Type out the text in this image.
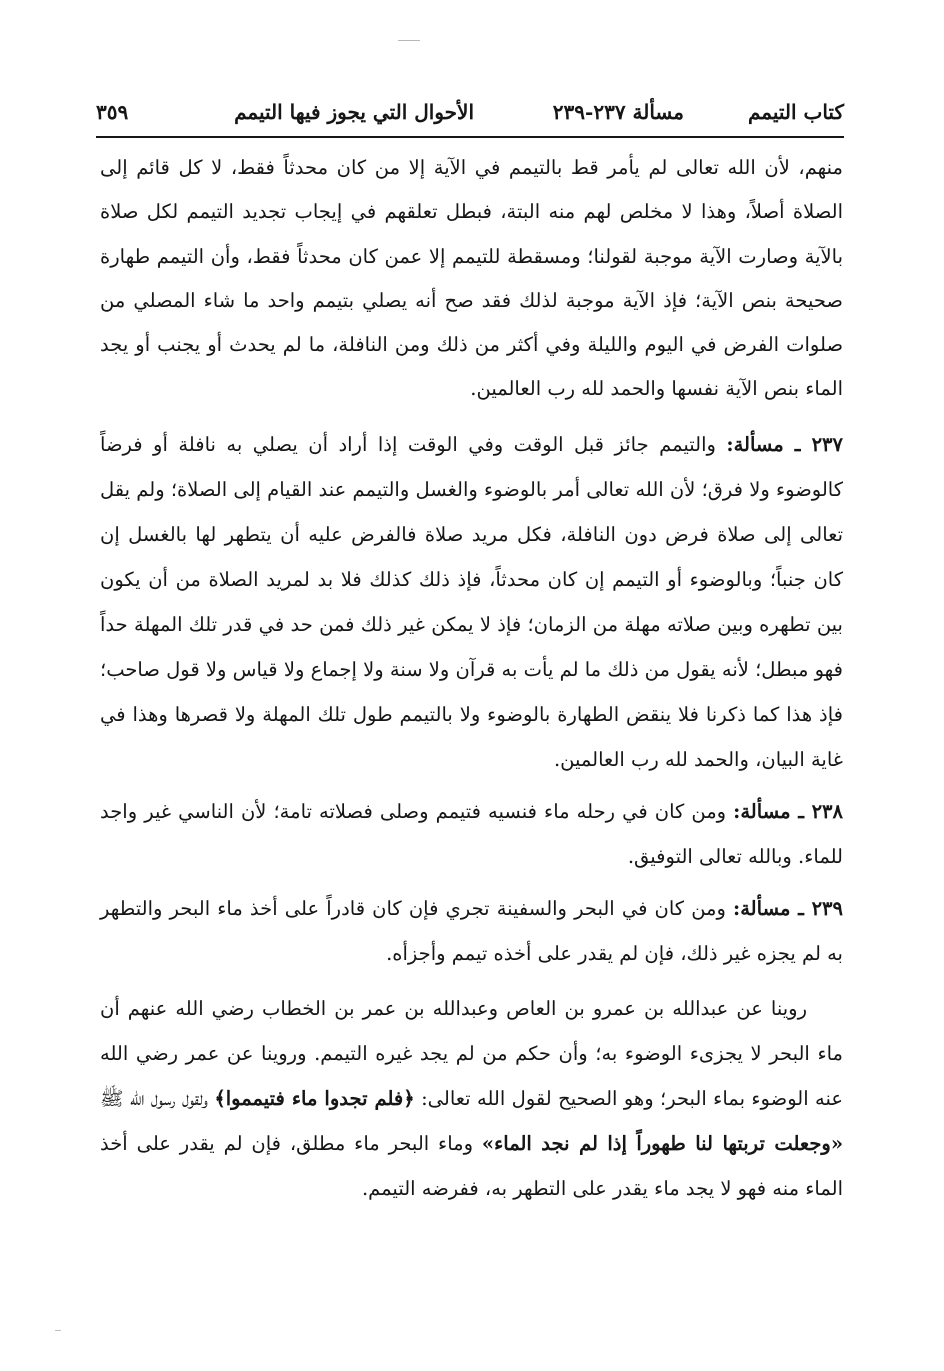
كتاب التيمم
مسألة ٢٣٧-٢٣٩
الأحوال التي يجوز فيها التيمم
٣٥٩

منهم، لأن الله تعالى لم يأمر قط بالتيمم في الآية إلا من كان محدثاً فقط، لا كل قائم إلى الصلاة أصلاً، وهذا لا مخلص لهم منه البتة، فبطل تعلقهم في إيجاب تجديد التيمم لكل صلاة بالآية وصارت الآية موجبة لقولنا؛ ومسقطة للتيمم إلا عمن كان محدثاً فقط، وأن التيمم طهارة صحيحة بنص الآية؛ فإذ الآية موجبة لذلك فقد صح أنه يصلي بتيمم واحد ما شاء المصلي من صلوات الفرض في اليوم والليلة وفي أكثر من ذلك ومن النافلة، ما لم يحدث أو يجنب أو يجد الماء بنص الآية نفسها والحمد لله رب العالمين.

٢٣٧ ـ مسألة: والتيمم جائز قبل الوقت وفي الوقت إذا أراد أن يصلي به نافلة أو فرضاً كالوضوء ولا فرق؛ لأن الله تعالى أمر بالوضوء والغسل والتيمم عند القيام إلى الصلاة؛ ولم يقل تعالى إلى صلاة فرض دون النافلة، فكل مريد صلاة فالفرض عليه أن يتطهر لها بالغسل إن كان جنباً؛ وبالوضوء أو التيمم إن كان محدثاً، فإذ ذلك كذلك فلا بد لمريد الصلاة من أن يكون بين تطهره وبين صلاته مهلة من الزمان؛ فإذ لا يمكن غير ذلك فمن حد في قدر تلك المهلة حداً فهو مبطل؛ لأنه يقول من ذلك ما لم يأت به قرآن ولا سنة ولا إجماع ولا قياس ولا قول صاحب؛ فإذ هذا كما ذكرنا فلا ينقض الطهارة بالوضوء ولا بالتيمم طول تلك المهلة ولا قصرها وهذا في غاية البيان، والحمد لله رب العالمين.

٢٣٨ ـ مسألة: ومن كان في رحله ماء فنسيه فتيمم وصلى فصلاته تامة؛ لأن الناسي غير واجد للماء. وبالله تعالى التوفيق.

٢٣٩ ـ مسألة: ومن كان في البحر والسفينة تجري فإن كان قادراً على أخذ ماء البحر والتطهر به لم يجزه غير ذلك، فإن لم يقدر على أخذه تيمم وأجزأه.

روينا عن عبدالله بن عمرو بن العاص وعبدالله بن عمر بن الخطاب رضي الله عنهم أن ماء البحر لا يجزىء الوضوء به؛ وأن حكم من لم يجد غيره التيمم. وروينا عن عمر رضي الله عنه الوضوء بماء البحر؛ وهو الصحيح لقول الله تعالى: ﴿فلم تجدوا ماء فتيمموا﴾ ولقول رسول الله ﷺ «وجعلت تربتها لنا طهوراً إذا لم نجد الماء» وماء البحر ماء مطلق، فإن لم يقدر على أخذ الماء منه فهو لا يجد ماء يقدر على التطهر به، ففرضه التيمم.
